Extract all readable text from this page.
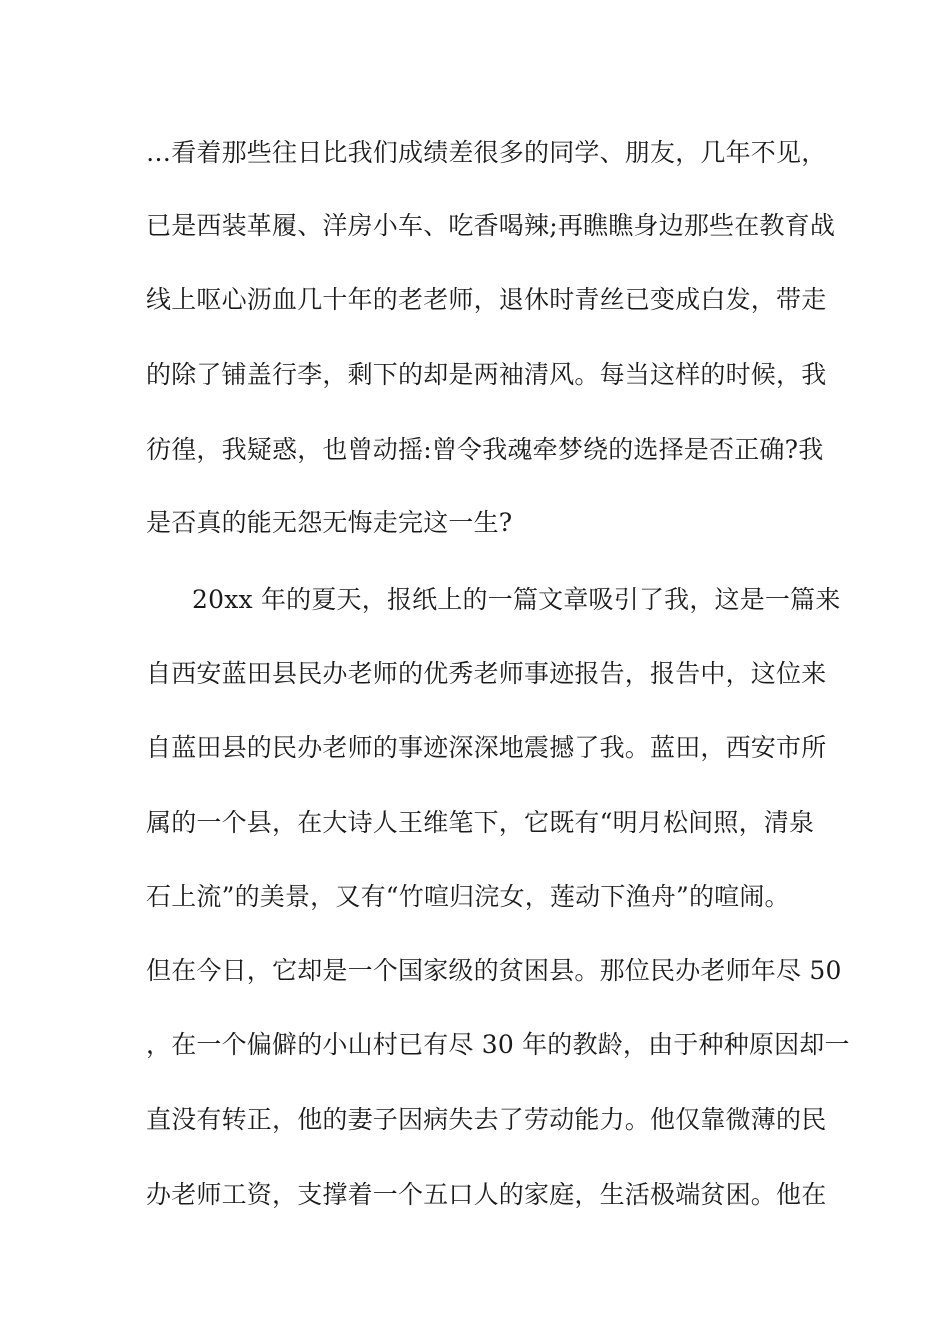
…看着那些往日比我们成绩差很多的同学、朋友，几年不见，
已是西装革履、洋房小车、吃香喝辣;再瞧瞧身边那些在教育战
线上呕心沥血几十年的老老师，退休时青丝已变成白发，带走
的除了铺盖行李，剩下的却是两袖清风。每当这样的时候，我
彷徨，我疑惑，也曾动摇:曾令我魂牵梦绕的选择是否正确?我
是否真的能无怨无悔走完这一生?
20xx 年的夏天，报纸上的一篇文章吸引了我，这是一篇来
自西安蓝田县民办老师的优秀老师事迹报告，报告中，这位来
自蓝田县的民办老师的事迹深深地震撼了我。蓝田，西安市所
属的一个县，在大诗人王维笔下，它既有“明月松间照，清泉
石上流”的美景，又有“竹喧归浣女，莲动下渔舟”的喧闹。
但在今日，它却是一个国家级的贫困县。那位民办老师年尽 50
，在一个偏僻的小山村已有尽 30 年的教龄，由于种种原因却一
直没有转正，他的妻子因病失去了劳动能力。他仅靠微薄的民
办老师工资，支撑着一个五口人的家庭，生活极端贫困。他在
